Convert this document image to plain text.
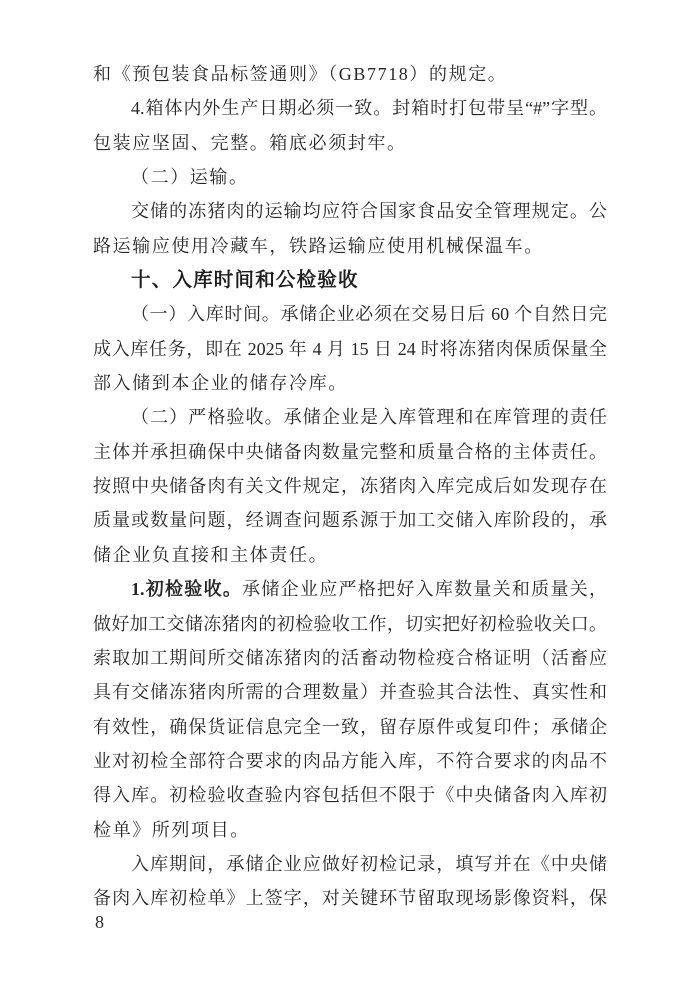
和《预包装食品标签通则》（GB7718）的规定。
4.箱体内外生产日期必须一致。封箱时打包带呈“#”字型。
包装应坚固、完整。箱底必须封牢。
（二）运输。
交储的冻猪肉的运输均应符合国家食品安全管理规定。公
路运输应使用冷藏车，铁路运输应使用机械保温车。
十、入库时间和公检验收
（一）入库时间。承储企业必须在交易日后 60 个自然日完
成入库任务，即在 2025 年 4 月 15 日 24 时将冻猪肉保质保量全
部入储到本企业的储存冷库。
（二）严格验收。承储企业是入库管理和在库管理的责任
主体并承担确保中央储备肉数量完整和质量合格的主体责任。
按照中央储备肉有关文件规定，冻猪肉入库完成后如发现存在
质量或数量问题，经调查问题系源于加工交储入库阶段的，承
储企业负直接和主体责任。
1.初检验收。承储企业应严格把好入库数量关和质量关，
做好加工交储冻猪肉的初检验收工作，切实把好初检验收关口。
索取加工期间所交储冻猪肉的活畜动物检疫合格证明（活畜应
具有交储冻猪肉所需的合理数量）并查验其合法性、真实性和
有效性，确保货证信息完全一致，留存原件或复印件；承储企
业对初检全部符合要求的肉品方能入库，不符合要求的肉品不
得入库。初检验收查验内容包括但不限于《中央储备肉入库初
检单》所列项目。
入库期间，承储企业应做好初检记录，填写并在《中央储
备肉入库初检单》上签字，对关键环节留取现场影像资料，保
8
